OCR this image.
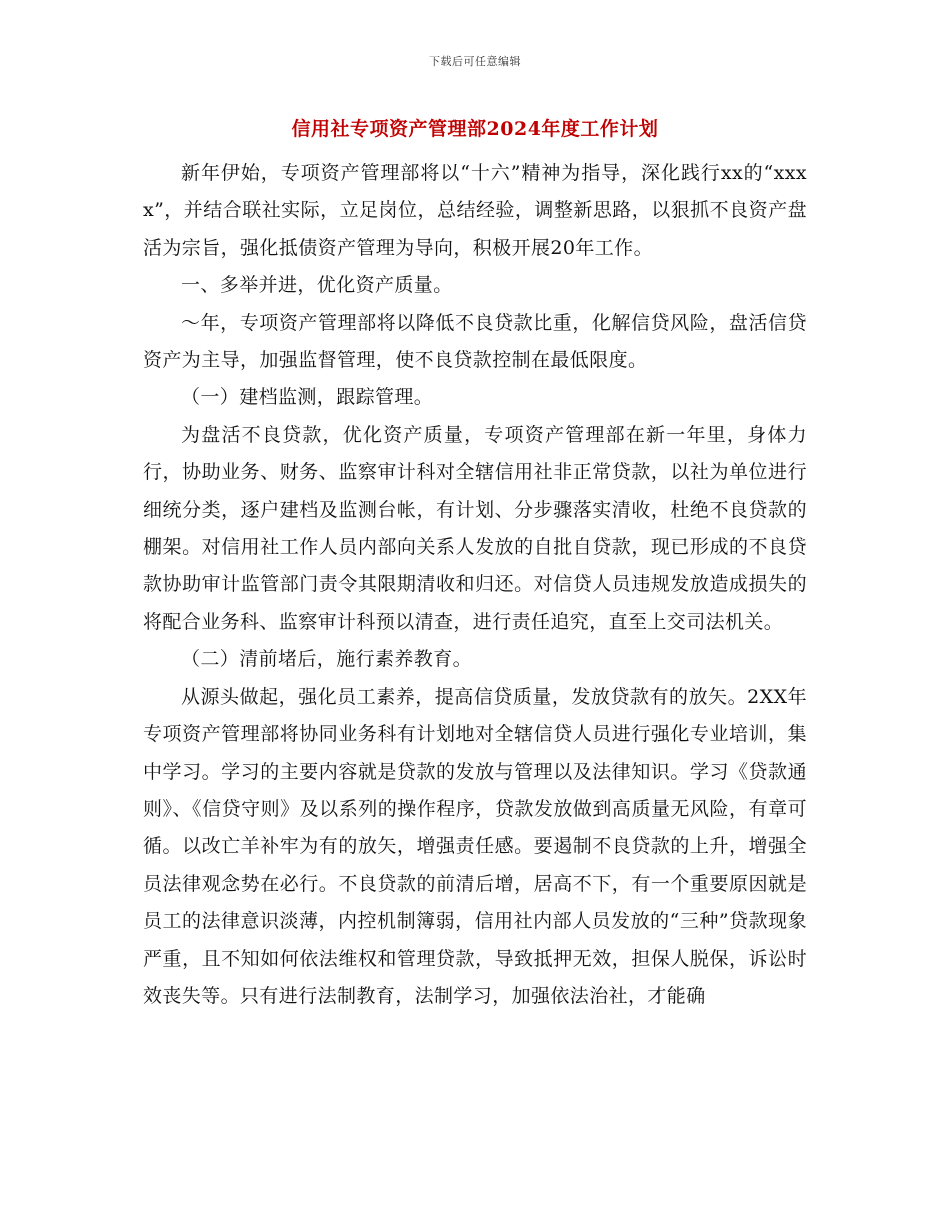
下载后可任意编辑
信用社专项资产管理部2024年度工作计划

新年伊始，专项资产管理部将以“十六”精神为指导，深化践行xx的“xxxx”，并结合联社实际，立足岗位，总结经验，调整新思路，以狠抓不良资产盘活为宗旨，强化抵债资产管理为导向，积极开展20年工作。

一、多举并进，优化资产质量。

～年，专项资产管理部将以降低不良贷款比重，化解信贷风险，盘活信贷资产为主导，加强监督管理，使不良贷款控制在最低限度。

（一）建档监测，跟踪管理。

为盘活不良贷款，优化资产质量，专项资产管理部在新一年里，身体力行，协助业务、财务、监察审计科对全辖信用社非正常贷款，以社为单位进行细统分类，逐户建档及监测台帐，有计划、分步骤落实清收，杜绝不良贷款的棚架。对信用社工作人员内部向关系人发放的自批自贷款，现已形成的不良贷款协助审计监管部门责令其限期清收和归还。对信贷人员违规发放造成损失的将配合业务科、监察审计科预以清查，进行责任追究，直至上交司法机关。

（二）清前堵后，施行素养教育。

从源头做起，强化员工素养，提高信贷质量，发放贷款有的放矢。2XX年专项资产管理部将协同业务科有计划地对全辖信贷人员进行强化专业培训，集中学习。学习的主要内容就是贷款的发放与管理以及法律知识。学习《贷款通则》、《信贷守则》及以系列的操作程序，贷款发放做到高质量无风险，有章可循。以改亡羊补牢为有的放矢，增强责任感。要遏制不良贷款的上升，增强全员法律观念势在必行。不良贷款的前清后增，居高不下，有一个重要原因就是员工的法律意识淡薄，内控机制簿弱，信用社内部人员发放的“三种”贷款现象严重，且不知如何依法维权和管理贷款，导致抵押无效，担保人脱保，诉讼时效丧失等。只有进行法制教育，法制学习，加强依法治社，才能确
